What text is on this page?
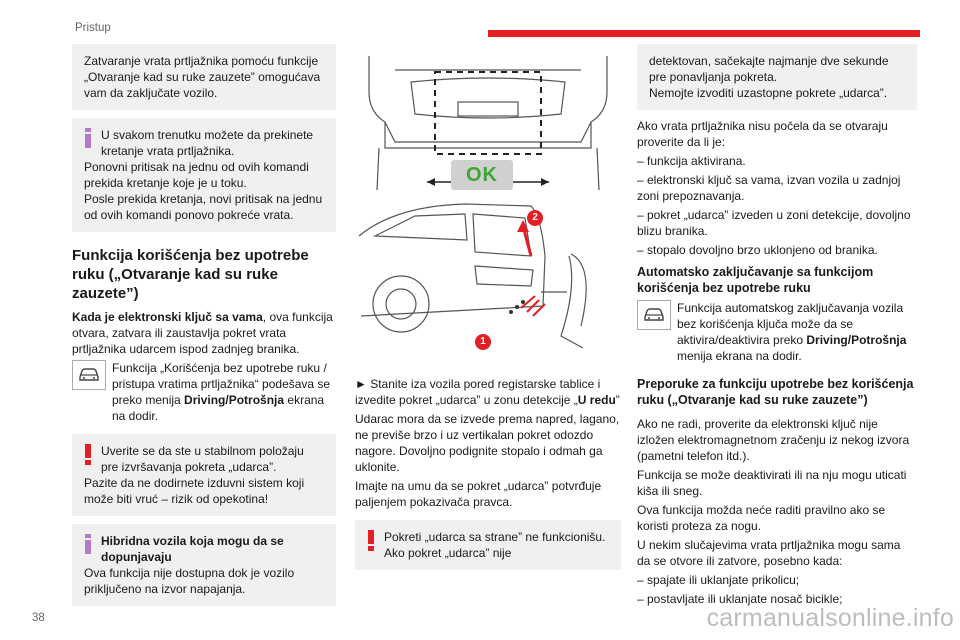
Pristup
38	carmanualsonline.info

Zatvaranje vrata prtljažnika pomoću funkcije „Otvaranje kad su ruke zauzete” omogućava vam da zaključate vozilo.

U svakom trenutku možete da prekinete kretanje vrata prtljažnika.

Ponovni pritisak na jednu od ovih komandi prekida kretanje koje je u toku.

Posle prekida kretanja, novi pritisak na jednu od ovih komandi ponovo pokreće vrata.

Funkcija korišćenja bez upotrebe ruku („Otvaranje kad su ruke zauzete”)

Kada je elektronski ključ sa vama, ova funkcija otvara, zatvara ili zaustavlja pokret vrata prtljažnika udarcem ispod zadnjeg branika.

Funkcija „Korišćenja bez upotrebe ruku / pristupa vratima prtljažnika“ podešava se preko menija Driving/Potrošnja ekrana na dodir.
Uverite se da ste u stabilnom položaju pre izvršavanja pokreta „udarca”.

Pazite da ne dodirnete izduvni sistem koji može biti vruć – rizik od opekotina!

Hibridna vozila koja mogu da se dopunjavaju

Ova funkcija nije dostupna dok je vozilo priključeno na izvor napajanja.

OK
2
1

► Stanite iza vozila pored registarske tablice i izvedite pokret „udarca” u zonu detekcije „U redu”

Udarac mora da se izvede prema napred, lagano, ne previše brzo i uz vertikalan pokret odozdo nagore. Dovoljno podignite stopalo i odmah ga uklonite.

Imajte na umu da se pokret „udarca” potvrđuje paljenjem pokazivača pravca.

Pokreti „udarca sa strane” ne funkcionišu. Ako pokret „udarca” nije

detektovan, sačekajte najmanje dve sekunde pre ponavljanja pokreta.

Nemojte izvoditi uzastopne pokrete „udarca”.

Ako vrata prtljažnika nisu počela da se otvaraju proverite da li je:

– funkcija aktivirana.

– elektronski ključ sa vama, izvan vozila u zadnjoj zoni prepoznavanja.

– pokret „udarca” izveden u zoni detekcije, dovoljno blizu branika.

– stopalo dovoljno brzo uklonjeno od branika.

Automatsko zaključavanje sa funkcijom korišćenja bez upotrebe ruku
Funkcija automatskog zaključavanja vozila bez korišćenja ključa može da se aktivira/deaktivira preko Driving/Potrošnja menija ekrana na dodir.
Preporuke za funkciju upotrebe bez korišćenja ruku („Otvaranje kad su ruke zauzete”)

Ako ne radi, proverite da elektronski ključ nije izložen elektromagnetnom zračenju iz nekog izvora (pametni telefon itd.).

Funkcija se može deaktivirati ili na nju mogu uticati kiša ili sneg.

Ova funkcija možda neće raditi pravilno ako se koristi proteza za nogu.

U nekim slučajevima vrata prtljažnika mogu sama da se otvore ili zatvore, posebno kada:

– spajate ili uklanjate prikolicu;

– postavljate ili uklanjate nosač bicikle;
